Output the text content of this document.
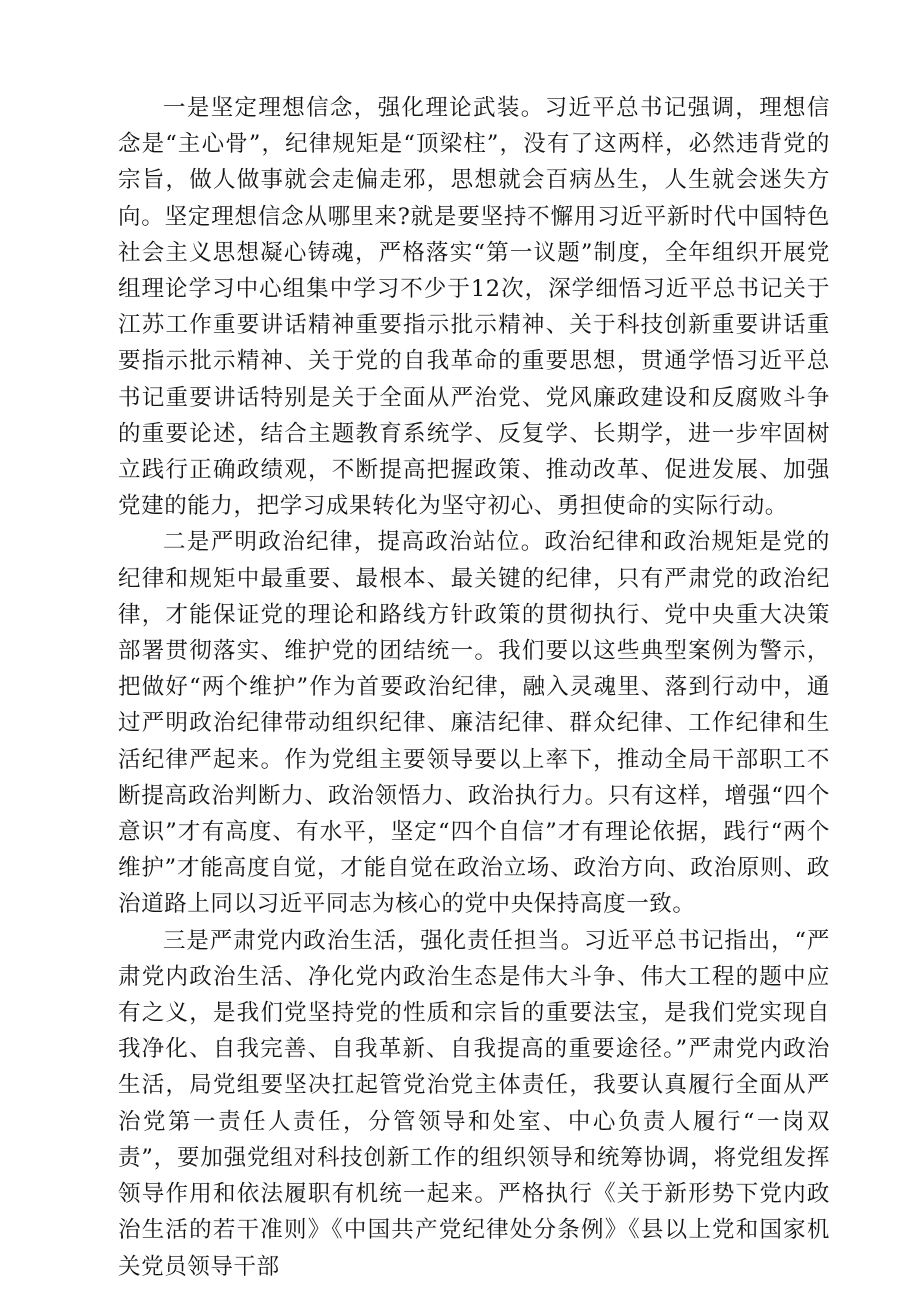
一是坚定理想信念，强化理论武装。习近平总书记强调，理想信念是“主心骨”，纪律规矩是“顶梁柱”，没有了这两样，必然违背党的宗旨，做人做事就会走偏走邪，思想就会百病丛生，人生就会迷失方向。坚定理想信念从哪里来?就是要坚持不懈用习近平新时代中国特色社会主义思想凝心铸魂，严格落实“第一议题”制度，全年组织开展党组理论学习中心组集中学习不少于12次，深学细悟习近平总书记关于江苏工作重要讲话精神重要指示批示精神、关于科技创新重要讲话重要指示批示精神、关于党的自我革命的重要思想，贯通学悟习近平总书记重要讲话特别是关于全面从严治党、党风廉政建设和反腐败斗争的重要论述，结合主题教育系统学、反复学、长期学，进一步牢固树立践行正确政绩观，不断提高把握政策、推动改革、促进发展、加强党建的能力，把学习成果转化为坚守初心、勇担使命的实际行动。

二是严明政治纪律，提高政治站位。政治纪律和政治规矩是党的纪律和规矩中最重要、最根本、最关键的纪律，只有严肃党的政治纪律，才能保证党的理论和路线方针政策的贯彻执行、党中央重大决策部署贯彻落实、维护党的团结统一。我们要以这些典型案例为警示，把做好“两个维护”作为首要政治纪律，融入灵魂里、落到行动中，通过严明政治纪律带动组织纪律、廉洁纪律、群众纪律、工作纪律和生活纪律严起来。作为党组主要领导要以上率下，推动全局干部职工不断提高政治判断力、政治领悟力、政治执行力。只有这样，增强“四个意识”才有高度、有水平，坚定“四个自信”才有理论依据，践行“两个维护”才能高度自觉，才能自觉在政治立场、政治方向、政治原则、政治道路上同以习近平同志为核心的党中央保持高度一致。

三是严肃党内政治生活，强化责任担当。习近平总书记指出，“严肃党内政治生活、净化党内政治生态是伟大斗争、伟大工程的题中应有之义，是我们党坚持党的性质和宗旨的重要法宝，是我们党实现自我净化、自我完善、自我革新、自我提高的重要途径。”严肃党内政治生活，局党组要坚决扛起管党治党主体责任，我要认真履行全面从严治党第一责任人责任，分管领导和处室、中心负责人履行“一岗双责”，要加强党组对科技创新工作的组织领导和统筹协调，将党组发挥领导作用和依法履职有机统一起来。严格执行《关于新形势下党内政治生活的若干准则》《中国共产党纪律处分条例》《县以上党和国家机关党员领导干部
